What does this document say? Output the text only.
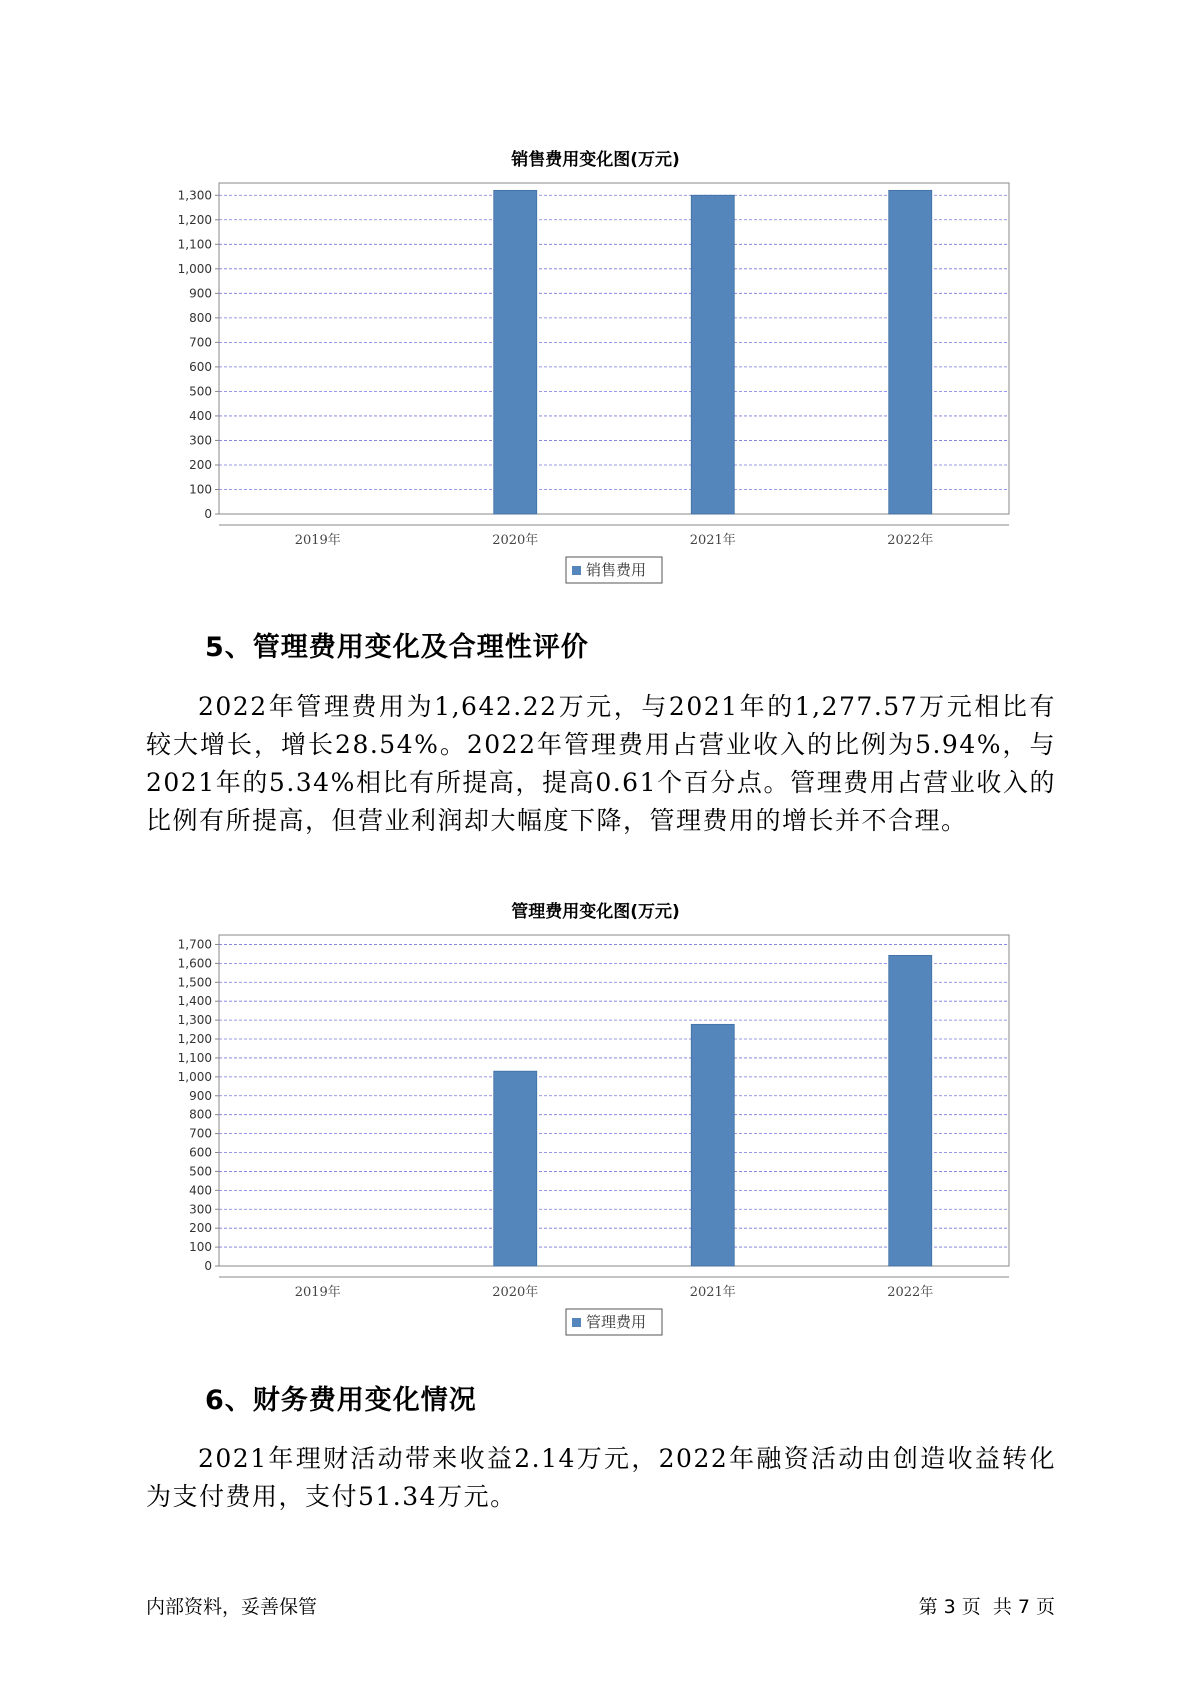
销售费用变化图(万元)
0
100
200
300
400
500
600
700
800
900
1,000
1,100
1,200
1,300
2019年	2020年	2021年	2022年
销售费用
5、管理费用变化及合理性评价
2022年管理费用为1,642.22万元，与2021年的1,277.57万元相比有较大增长，增长28.54%。2022年管理费用占营业收入的比例为5.94%，与2021年的5.34%相比有所提高，提高0.61个百分点。管理费用占营业收入的比例有所提高，但营业利润却大幅度下降，管理费用的增长并不合理。
管理费用变化图(万元)
0
100
200
300
400
500
600
700
800
900
1,000
1,100
1,200
1,300
1,400
1,500
1,600
1,700
2019年	2020年	2021年	2022年
管理费用
6、财务费用变化情况
2021年理财活动带来收益2.14万元，2022年融资活动由创造收益转化为支付费用，支付51.34万元。
内部资料，妥善保管	第 3 页  共 7 页
